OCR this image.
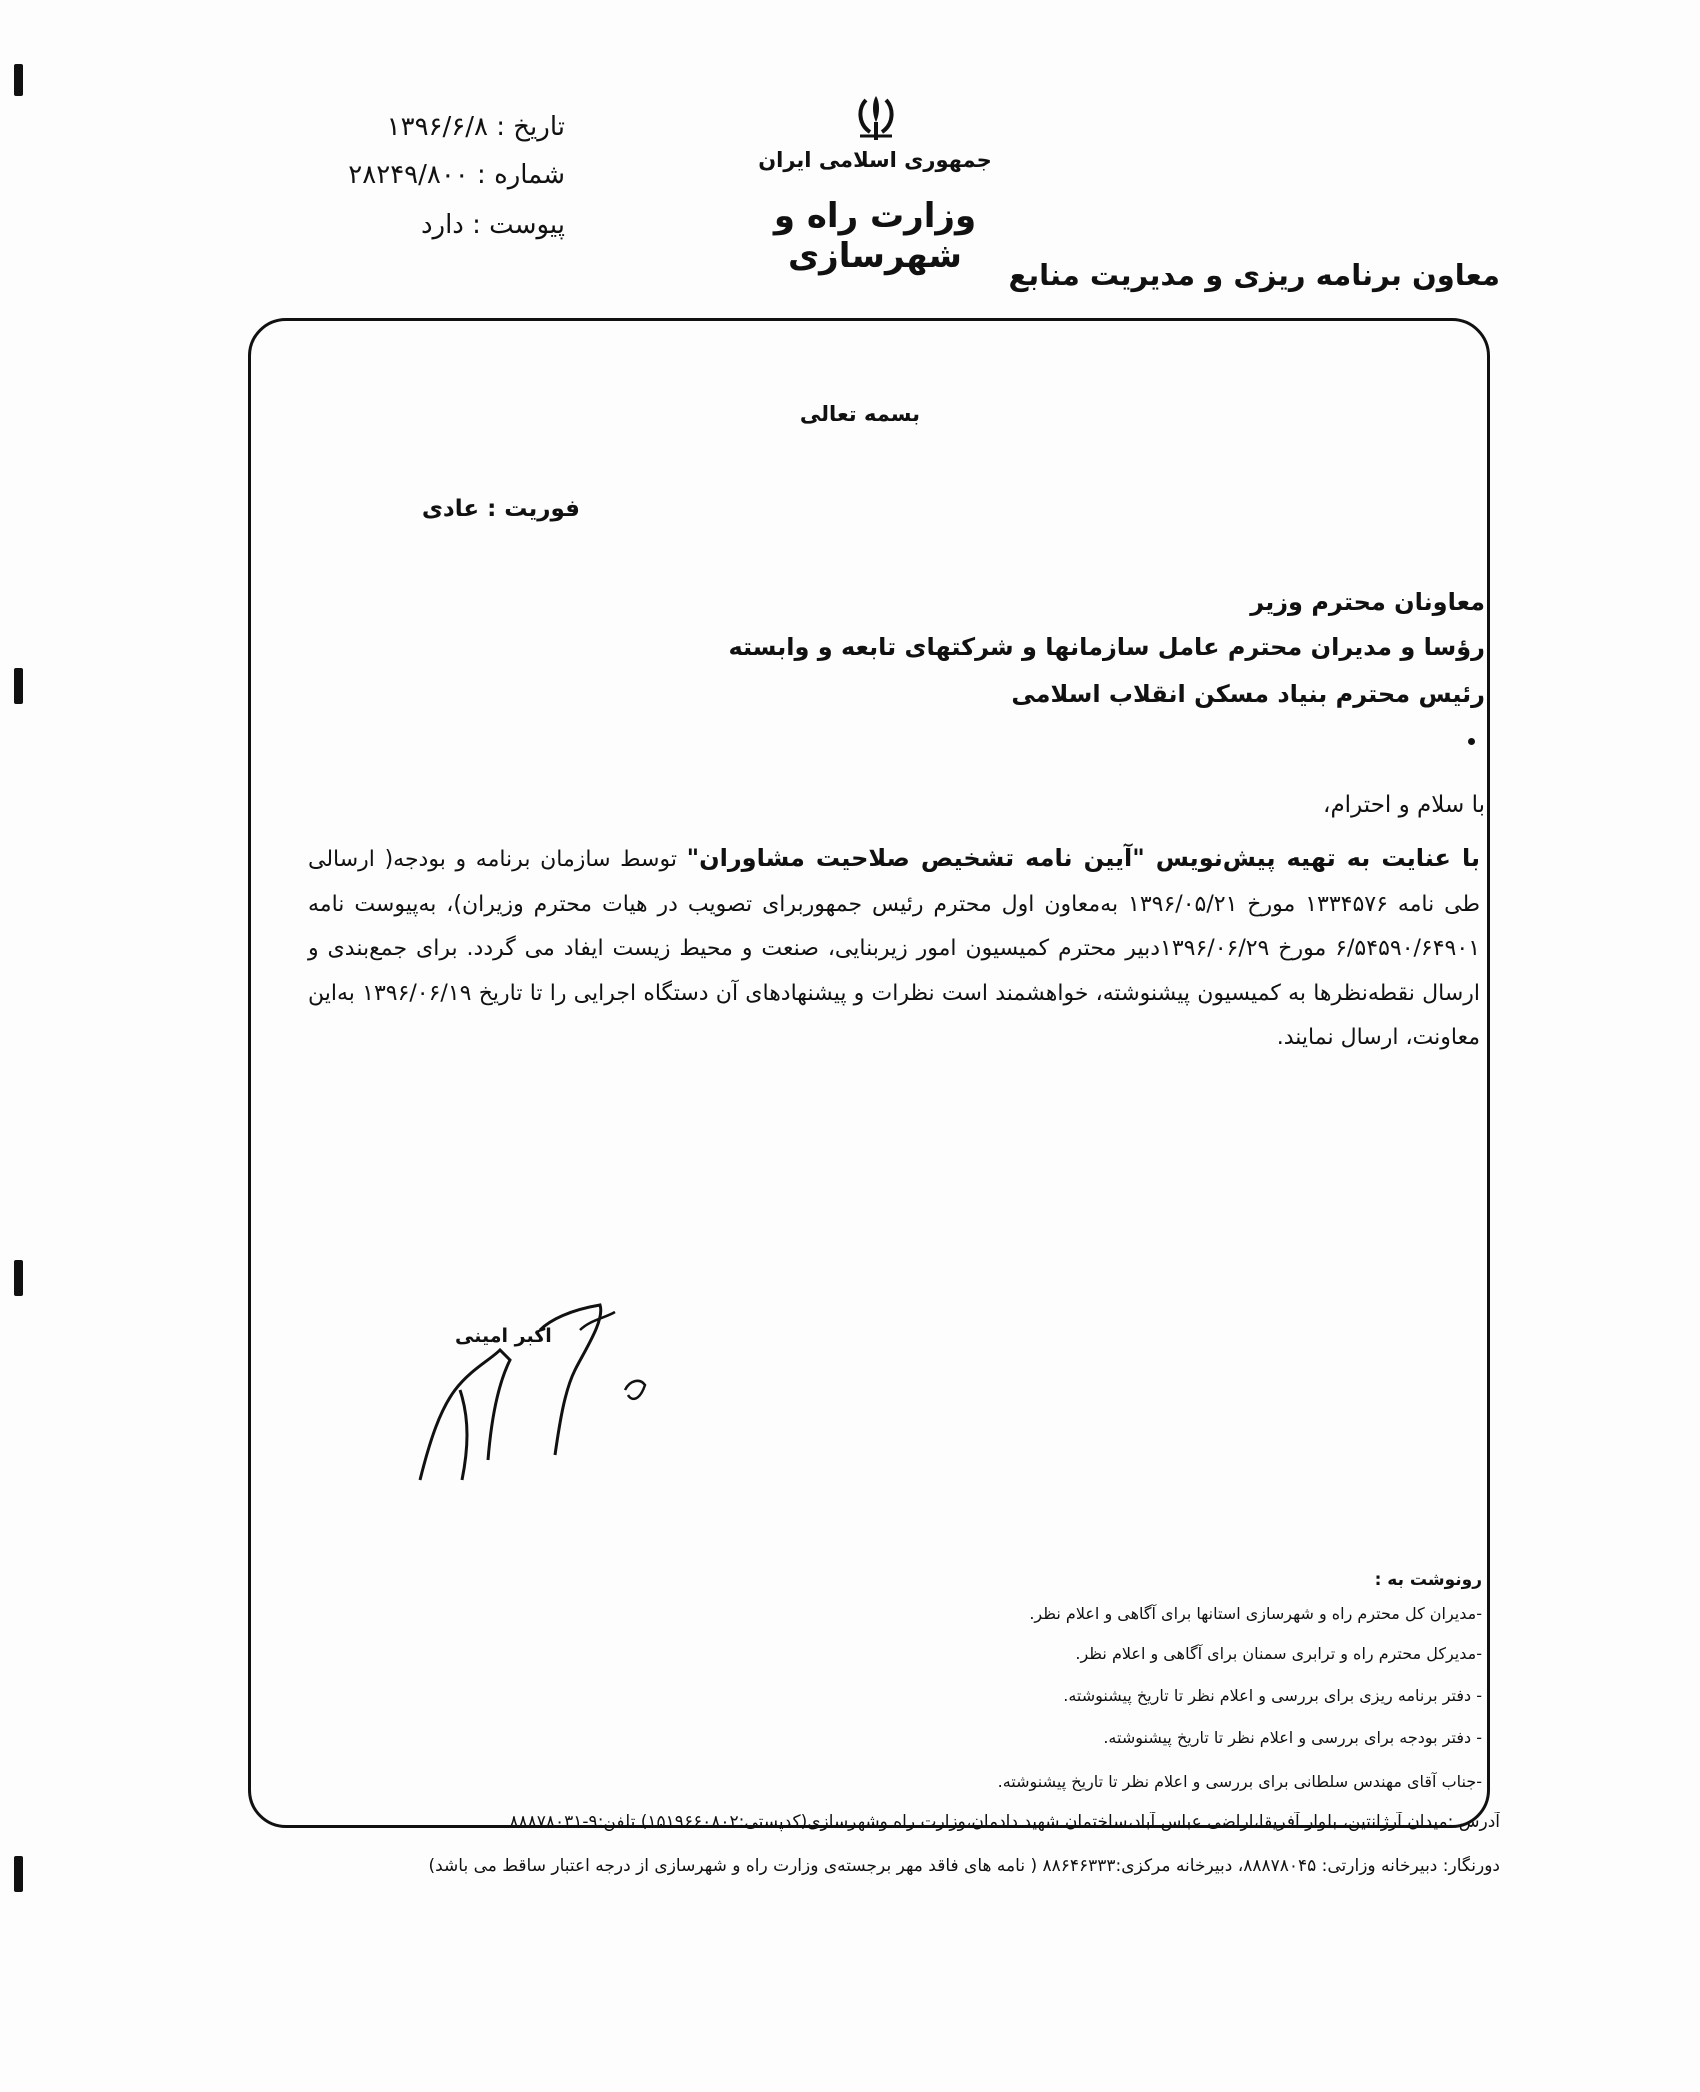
جمهوری اسلامی ایران
وزارت راه و شهرسازی
تاریخ : ۱۳۹۶/۶/۸
شماره : ۲۸۲۴۹/۸۰۰
پیوست : دارد
معاون برنامه ریزی و مدیریت منابع
بسمه تعالی
فوریت : عادی
معاونان محترم وزیر
رؤسا و مدیران محترم عامل سازمانها و شرکتهای تابعه و وابسته
رئیس محترم بنیاد مسکن انقلاب اسلامی
با سلام و احترام،
با عنایت به تهیه پیش‌نویس "آیین نامه تشخیص صلاحیت مشاوران" توسط سازمان برنامه و بودجه( ارسالی طی نامه ۱۳۳۴۵۷۶ مورخ ۱۳۹۶/۰۵/۲۱ به‌معاون اول محترم رئیس جمهوربرای تصویب در هیات محترم وزیران)، به‌پیوست نامه ۶/۵۴۵۹۰/۶۴۹۰۱ مورخ ۱۳۹۶/۰۶/۲۹دبیر محترم کمیسیون امور زیربنایی، صنعت و محیط زیست ایفاد می گردد. برای جمع‌بندی و ارسال نقطه‌نظرها به کمیسیون پیشنوشته، خواهشمند است نظرات و پیشنهادهای آن دستگاه اجرایی را تا تاریخ ۱۳۹۶/۰۶/۱۹ به‌این معاونت، ارسال نمایند.
اکبر امینی
رونوشت به :
-مدیران کل محترم راه و شهرسازی استانها برای آگاهی و اعلام نظر.
-مدیرکل محترم راه و ترابری سمنان برای آگاهی و اعلام نظر.
- دفتر برنامه ریزی برای بررسی و اعلام نظر تا تاریخ پیشنوشته.
- دفتر بودجه برای بررسی و اعلام نظر تا تاریخ پیشنوشته.
-جناب آقای مهندس سلطانی برای بررسی و اعلام نظر تا تاریخ پیشنوشته.
آدرس :میدان آرژانتین، بلوار آفریقا،اراضی عباس آباد،ساختمان شهید دادمان،وزارت راه وشهرسازی(کدپستی:۱۵۱۹۶۶۰۸۰۲) تلفن:۹-۸۸۸۷۸۰۳۱
دورنگار: دبیرخانه وزارتی: ۸۸۸۷۸۰۴۵، دبیرخانه مرکزی:۸۸۶۴۶۳۳۳ ( نامه های فاقد مهر برجسته‌ی وزارت راه و شهرسازی از درجه اعتبار ساقط می باشد)
